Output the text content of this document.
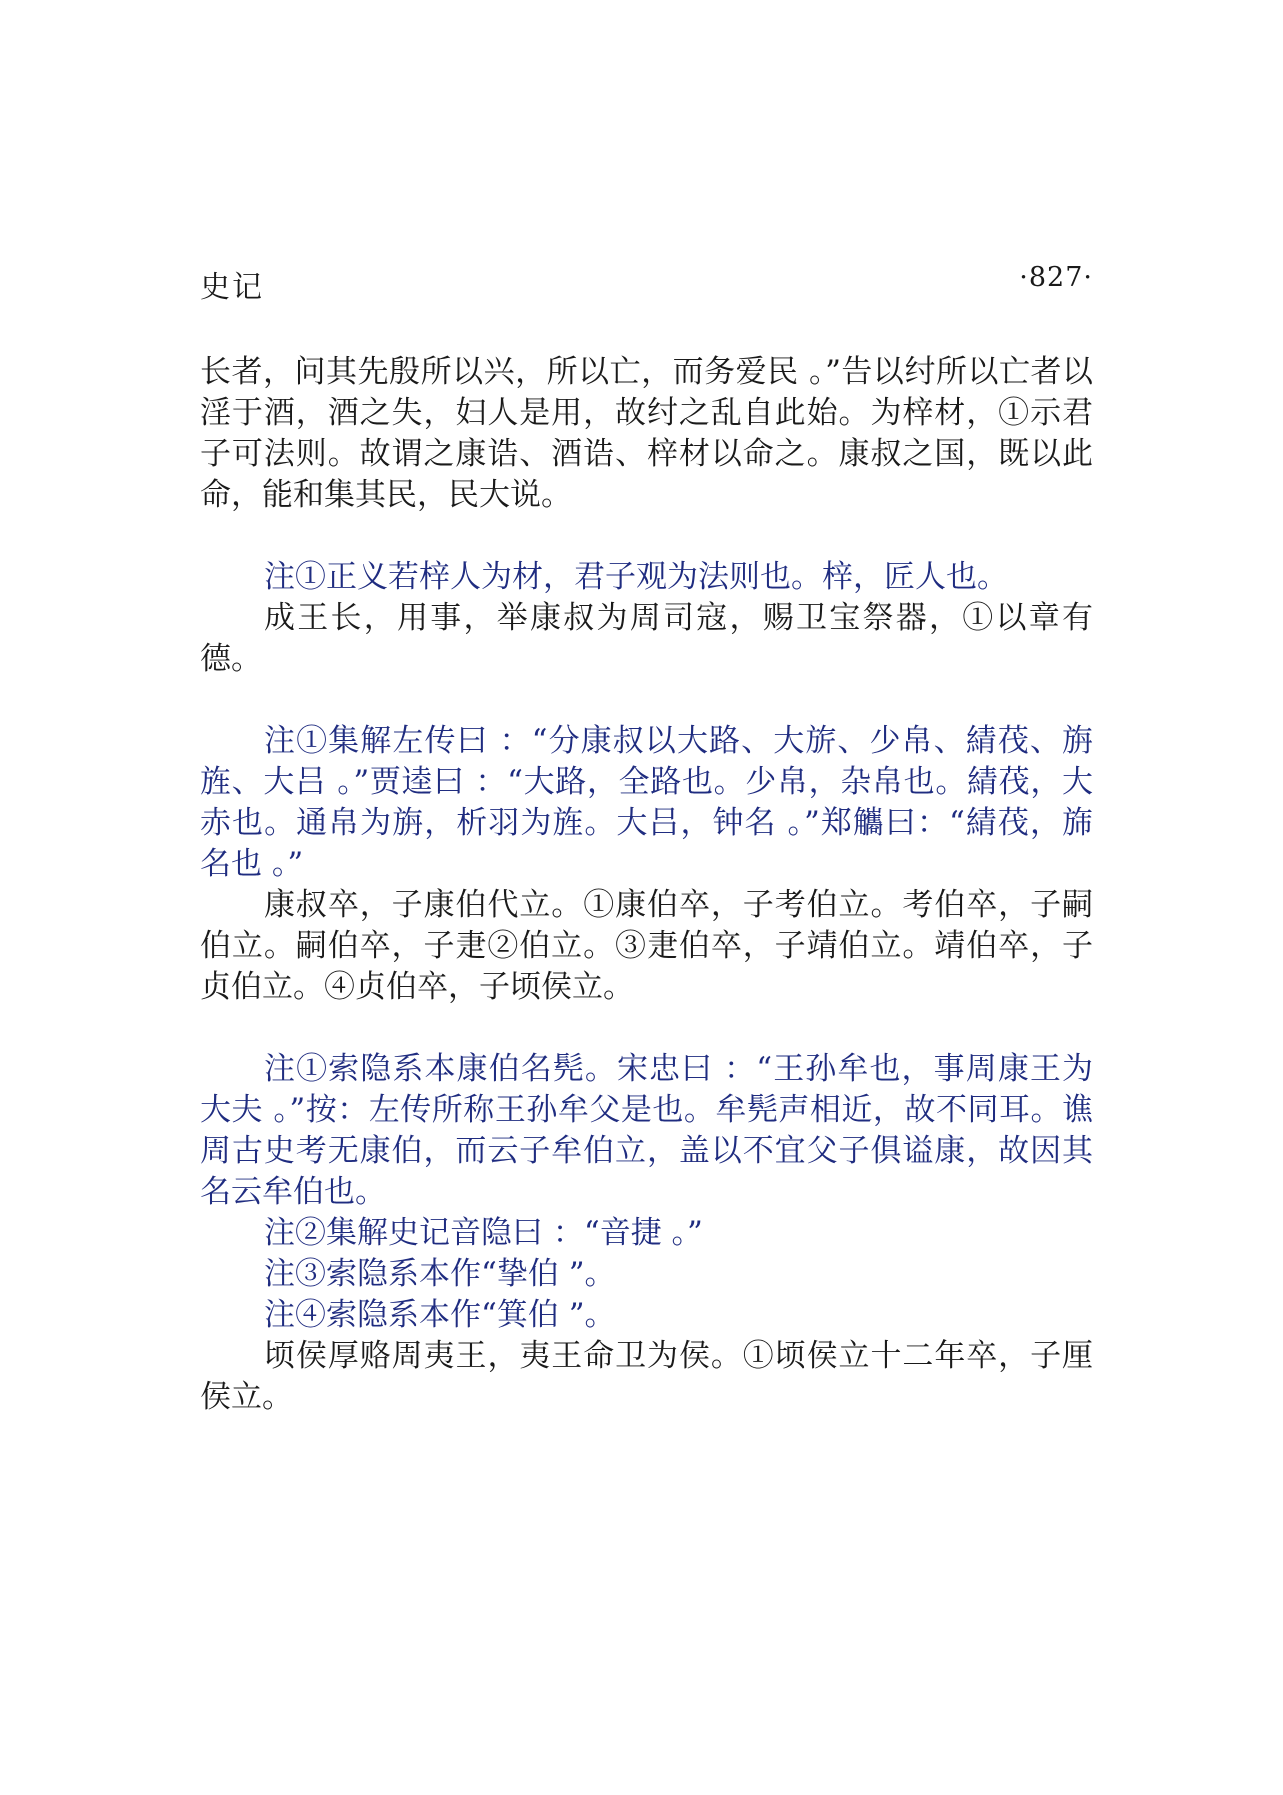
史记	·827·

长者，问其先殷所以兴，所以亡，而务爱民 。”告以纣所以亡者以淫于酒，酒之失，妇人是用，故纣之乱自此始。为梓材，①示君子可法则。故谓之康诰、酒诰、梓材以命之。康叔之国，既以此命，能和集其民，民大说。

注①正义若梓人为材，君子观为法则也。梓，匠人也。

成王长，用事，举康叔为周司寇，赐卫宝祭器，①以章有德。

注①集解左传曰 ：“分康叔以大路、大旂、少帛、綪茷、旃旌、大吕 。”贾逵曰 ：“大路，全路也。少帛，杂帛也。綪茷，大赤也。通帛为旃，析羽为旌。大吕，钟名 。”郑觿曰：“綪茷，旆名也 。”

康叔卒，子康伯代立。①康伯卒，子考伯立。考伯卒，子嗣伯立。嗣伯卒，子疌②伯立。③疌伯卒，子靖伯立。靖伯卒，子贞伯立。④贞伯卒，子顷侯立。

注①索隐系本康伯名髡。宋忠曰 ：“王孙牟也，事周康王为大夫 。”按：左传所称王孙牟父是也。牟髡声相近，故不同耳。谯周古史考无康伯，而云子牟伯立，盖以不宜父子俱谥康，故因其名云牟伯也。

注②集解史记音隐曰 ：“音捷 。”

注③索隐系本作“挚伯 ”。

注④索隐系本作“箕伯 ”。

顷侯厚赂周夷王，夷王命卫为侯。①顷侯立十二年卒，子厘侯立。
